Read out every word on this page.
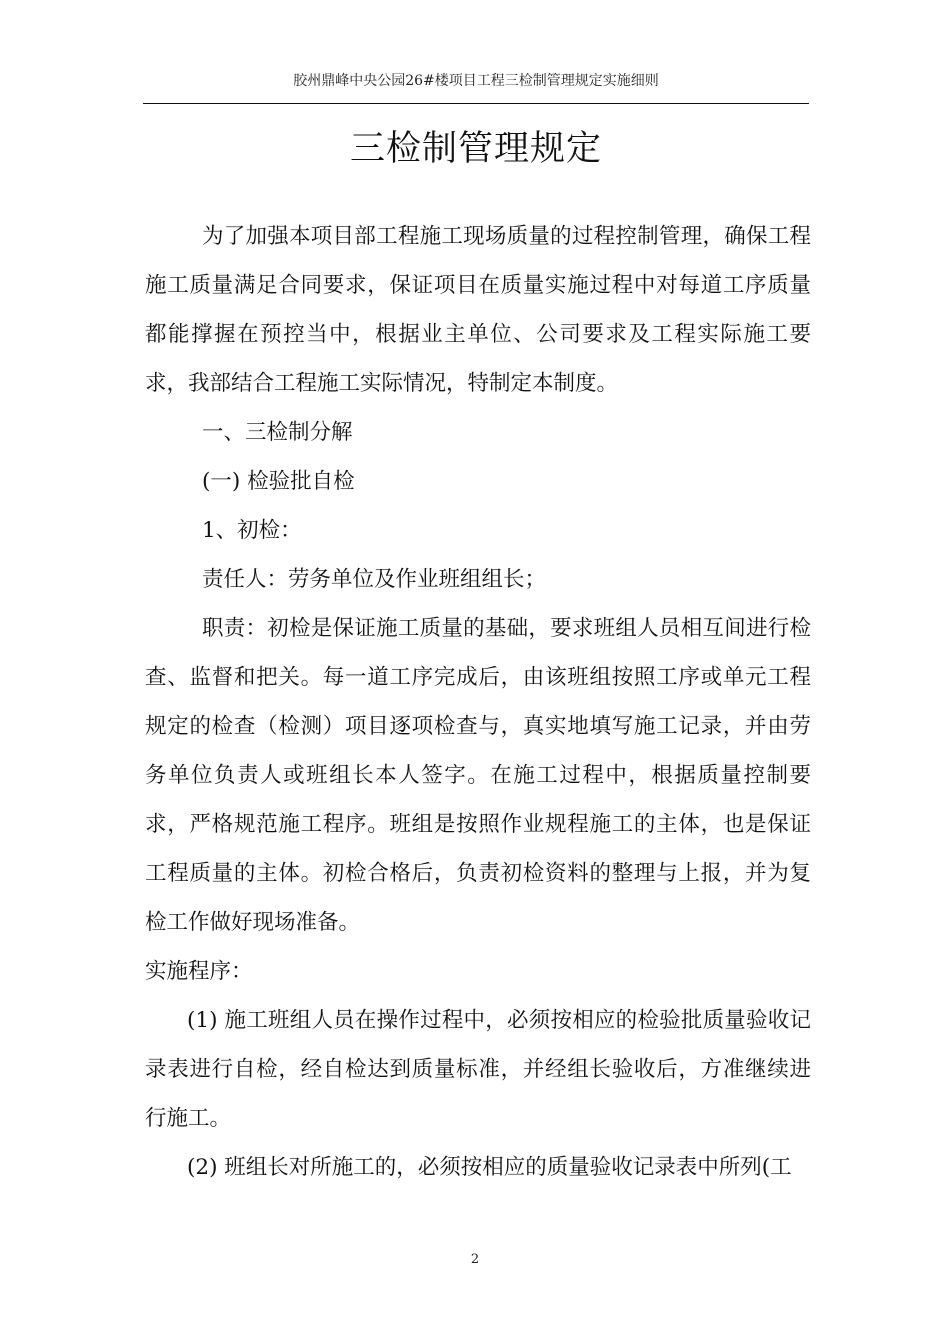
胶州鼎峰中央公园26#楼项目工程三检制管理规定实施细则
三检制管理规定

为了加强本项目部工程施工现场质量的过程控制管理，确保工程施工质量满足合同要求，保证项目在质量实施过程中对每道工序质量都能撑握在预控当中，根据业主单位、公司要求及工程实际施工要求，我部结合工程施工实际情况，特制定本制度。

一、三检制分解

(一) 检验批自检

1、初检：

责任人：劳务单位及作业班组组长；

职责：初检是保证施工质量的基础，要求班组人员相互间进行检查、监督和把关。每一道工序完成后，由该班组按照工序或单元工程规定的检查（检测）项目逐项检查与，真实地填写施工记录，并由劳务单位负责人或班组长本人签字。在施工过程中，根据质量控制要求，严格规范施工程序。班组是按照作业规程施工的主体，也是保证工程质量的主体。初检合格后，负责初检资料的整理与上报，并为复检工作做好现场准备。

实施程序：

(1) 施工班组人员在操作过程中，必须按相应的检验批质量验收记录表进行自检，经自检达到质量标准，并经组长验收后，方准继续进行施工。

(2) 班组长对所施工的，必须按相应的质量验收记录表中所列(工

2
